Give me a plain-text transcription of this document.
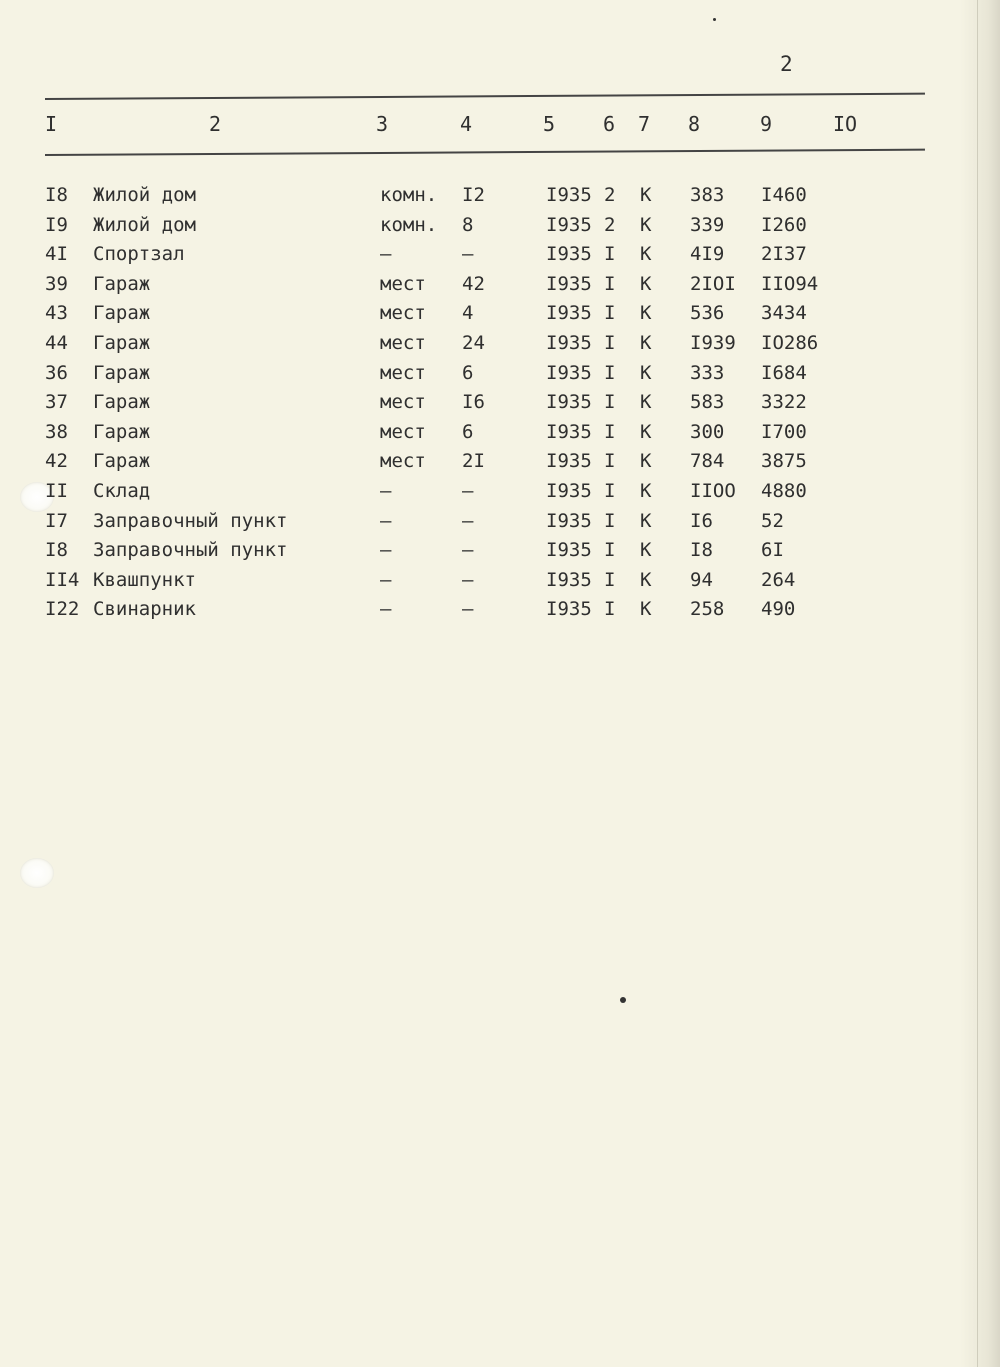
2
I	2	3	4	5 6 7 8	9	IO
I8 Жилой дом	комн. I2	I935 2 К 383 I460
I9 Жилой дом	комн. 8	I935 2 К 339 I260
4I Спортзал	–	–	I935 I К 4I9 2I37
39 Гараж	мест 42	I935 I К 2IOI IIO94
43 Гараж	мест 4	I935 I К 536 3434
44 Гараж	мест 24	I935 I К I939 IO286
36 Гараж	мест 6	I935 I К 333 I684
37 Гараж	мест I6	I935 I К 583 3322
38 Гараж	мест 6	I935 I К 300 I700
42 Гараж	мест 2I	I935 I К 784 3875
II Склад	–	–	I935 I К IIOO 4880
I7 Заправочный пункт	–	–	I935 I К I6	52
I8 Заправочный пункт	–	–	I935 I К I8	6I
II4 Квашпункт	–	–	I935 I К 94	264
I22 Свинарник	–	–	I935 I К 258 490
